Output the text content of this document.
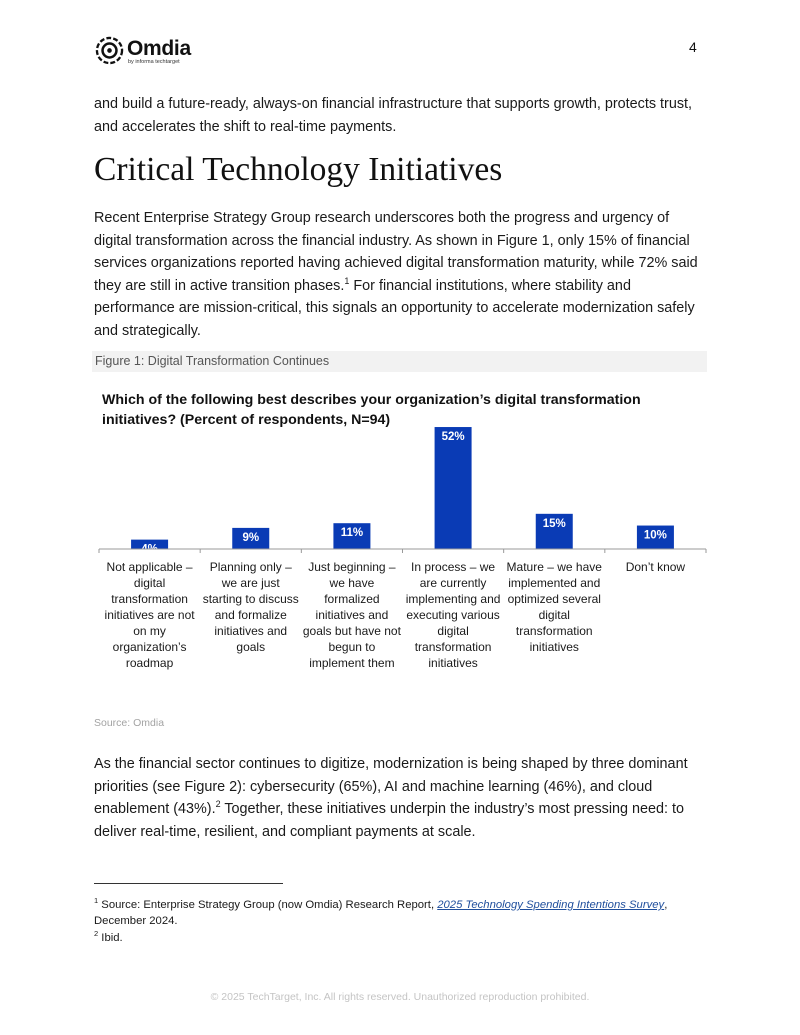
Omdia
by informa techtarget
4

and build a future-ready, always-on financial infrastructure that supports growth, protects trust, and accelerates the shift to real-time payments.

Critical Technology Initiatives

Recent Enterprise Strategy Group research underscores both the progress and urgency of digital transformation across the financial industry. As shown in Figure 1, only 15% of financial services organizations reported having achieved digital transformation maturity, while 72% said they are still in active transition phases.$^1$ For financial institutions, where stability and performance are mission-critical, this signals an opportunity to accelerate modernization safely and strategically.

Figure 1: Digital Transformation Continues

Which of the following best describes your organization’s digital transformation initiatives? (Percent of respondents, N=94)

4%
9%	11%
52%
15%
10%
Not applicable – digital transformation initiatives are not on my organization’s roadmap
Planning only – we are just starting to discuss and formalize initiatives and goals
Just beginning – we have formalized initiatives and goals but have not begun to implement them
In process – we are currently implementing and executing various digital transformation initiatives
Mature – we have implemented and optimized several digital transformation initiatives
Don’t know
Source: Omdia

As the financial sector continues to digitize, modernization is being shaped by three dominant priorities (see Figure 2): cybersecurity (65%), AI and machine learning (46%), and cloud enablement (43%).$^2$ Together, these initiatives underpin the industry’s most pressing need: to deliver real-time, resilient, and compliant payments at scale.

$^1$ Source: Enterprise Strategy Group (now Omdia) Research Report, 2025 Technology Spending Intentions Survey, December 2024.

$^2$ Ibid.

© 2025 TechTarget, Inc. All rights reserved. Unauthorized reproduction prohibited.
